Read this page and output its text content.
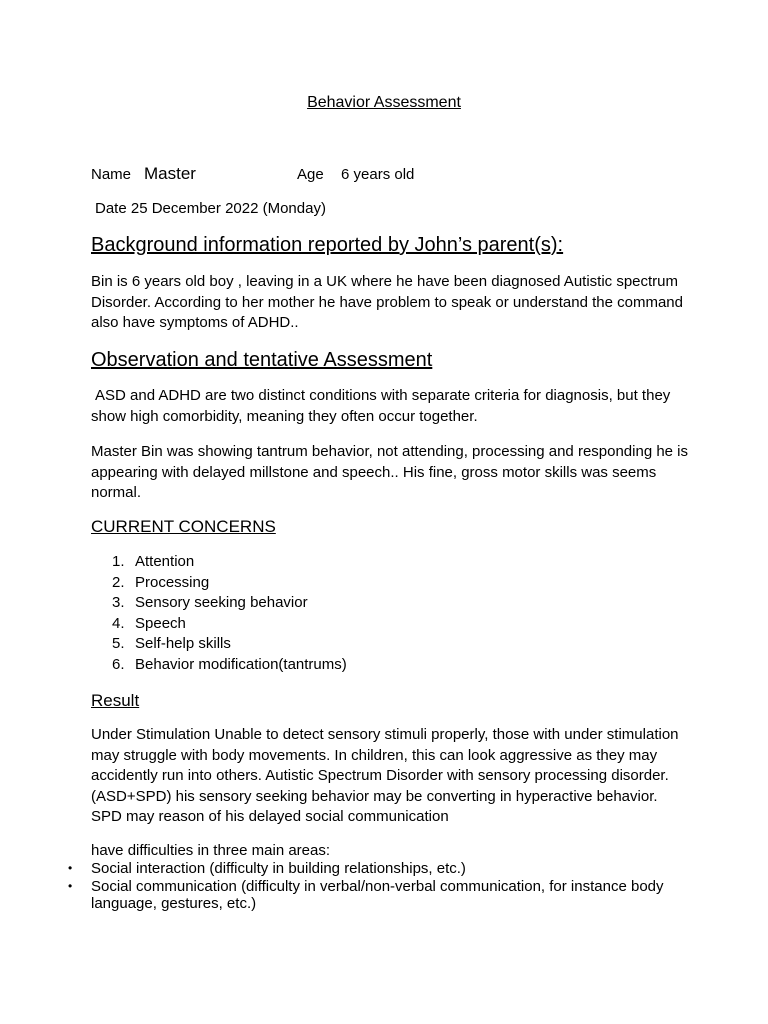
Behavior Assessment
Name Master	Age 6 years old
Date 25 December 2022 (Monday)
Background information reported by John’s parent(s):
Bin is 6 years old boy , leaving in a UK where he have been diagnosed Autistic spectrum Disorder. According to her mother he have problem to speak or understand the command also have symptoms of ADHD..
Observation and tentative Assessment
ASD and ADHD are two distinct conditions with separate criteria for diagnosis, but they show high comorbidity, meaning they often occur together.
Master Bin was showing tantrum behavior, not attending, processing and responding he is appearing with delayed millstone and speech.. His fine, gross motor skills was seems normal.
CURRENT CONCERNS
1. Attention
2. Processing
3. Sensory seeking behavior
4. Speech
5. Self-help skills
6. Behavior modification(tantrums)
Result
Under Stimulation Unable to detect sensory stimuli properly, those with under stimulation may struggle with body movements. In children, this can look aggressive as they may accidently run into others. Autistic Spectrum Disorder with sensory processing disorder.(ASD+SPD) his sensory seeking behavior may be converting in hyperactive behavior. SPD may reason of his delayed social communication
have difficulties in three main areas:
• Social interaction (difficulty in building relationships, etc.)
• Social communication (difficulty in verbal/non-verbal communication, for instance body language, gestures, etc.)
